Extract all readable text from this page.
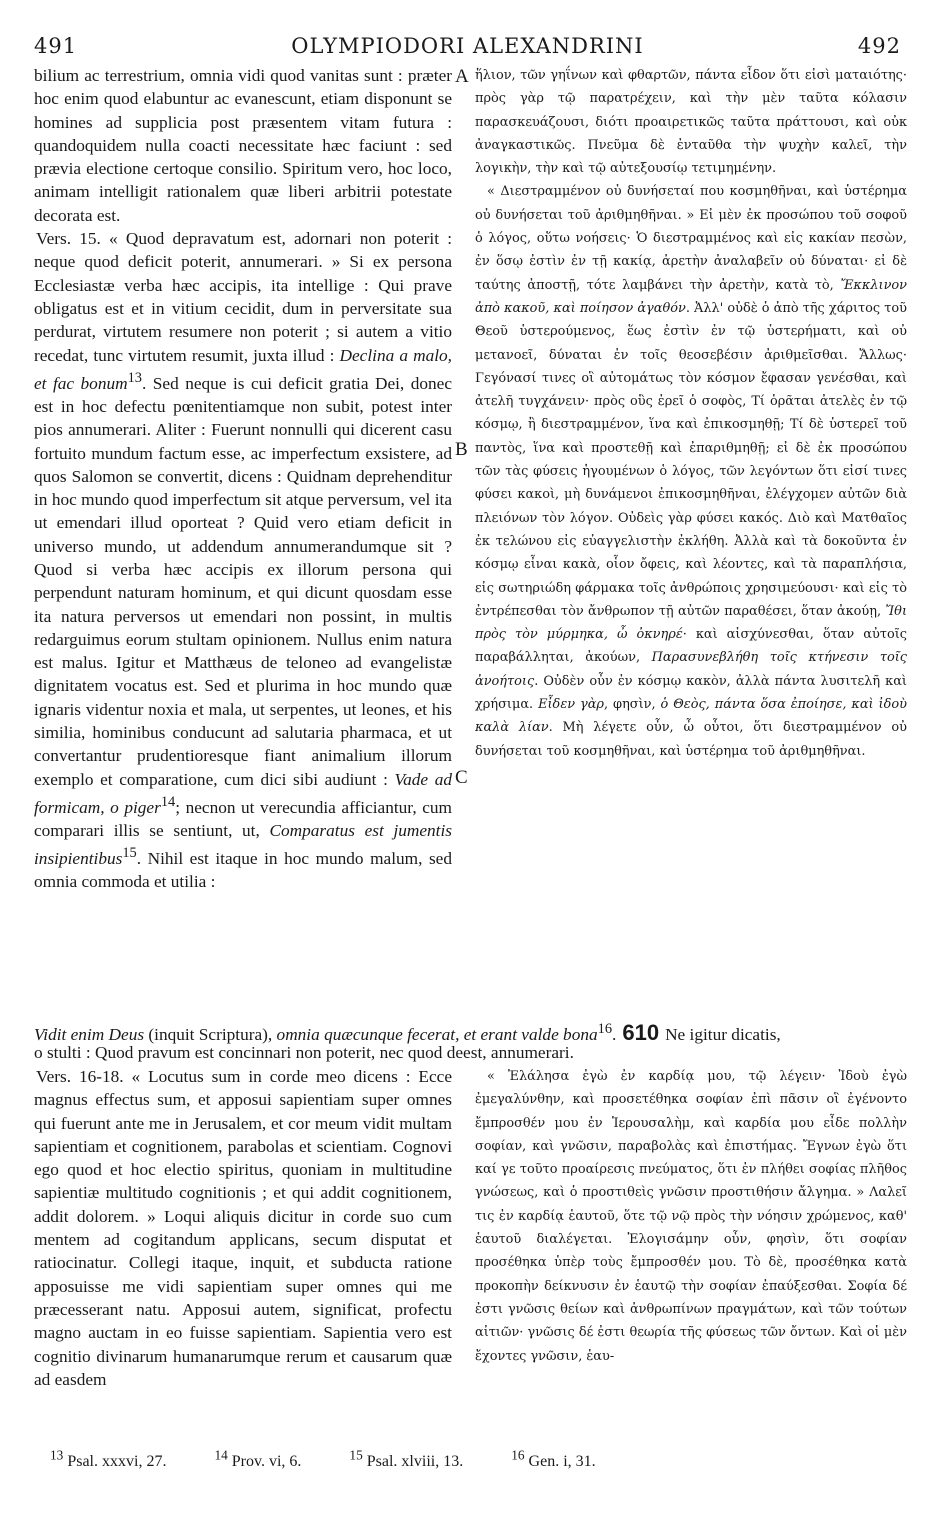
491	OLYMPIODORI ALEXANDRINI	492
A
B
C

bilium ac terrestrium, omnia vidi quod vanitas sunt : præter hoc enim quod elabuntur ac evanescunt, etiam disponunt se homines ad supplicia post præsentem vitam futura : quandoquidem nulla coacti necessitate hæc faciunt : sed prævia electione certoque consilio. Spiritum vero, hoc loco, animam intelligit rationalem quæ liberi arbitrii potestate decorata est.

Vers. 15. « Quod depravatum est, adornari non poterit : neque quod deficit poterit, annumerari. » Si ex persona Ecclesiastæ verba hæc accipis, ita intellige : Qui prave obligatus est et in vitium cecidit, dum in perversitate sua perdurat, virtutem resumere non poterit ; si autem a vitio recedat, tunc virtutem resumit, juxta illud : Declina a malo, et fac bonum$^{13}$. Sed neque is cui deficit gratia Dei, donec est in hoc defectu pœnitentiamque non subit, potest inter pios annumerari. Aliter : Fuerunt nonnulli qui dicerent casu fortuito mundum factum esse, ac imperfectum exsistere, ad quos Salomon se convertit, dicens : Quidnam deprehenditur in hoc mundo quod imperfectum sit atque perversum, vel ita ut emendari illud oporteat ? Quid vero etiam deficit in universo mundo, ut addendum annumerandumque sit ? Quod si verba hæc accipis ex illorum persona qui perpendunt naturam hominum, et qui dicunt quosdam esse ita natura perversos ut emendari non possint, in multis redarguimus eorum stultam opinionem. Nullus enim natura est malus. Igitur et Matthæus de teloneo ad evangelistæ dignitatem vocatus est. Sed et plurima in hoc mundo quæ ignaris videntur noxia et mala, ut serpentes, ut leones, et his similia, hominibus conducunt ad salutaria pharmaca, et ut convertantur prudentioresque fiant animalium illorum exemplo et comparatione, cum dici sibi audiunt : Vade ad formicam, o piger$^{14}$; necnon ut verecundia afficiantur, cum comparari illis se sentiunt, ut, Comparatus est jumentis insipientibus$^{15}$. Nihil est itaque in hoc mundo malum, sed omnia commoda et utilia :

ἥλιον, τῶν γηΐνων καὶ φθαρτῶν, πάντα εἶδον ὅτι εἰσὶ ματαιότης· πρὸς γὰρ τῷ παρατρέχειν, καὶ τὴν μὲν ταῦτα κόλασιν παρασκευάζουσι, διότι προαιρετικῶς ταῦτα πράττουσι, καὶ οὐκ ἀναγκαστικῶς. Πνεῦμα δὲ ἐνταῦθα τὴν ψυχὴν καλεῖ, τὴν λογικὴν, τὴν καὶ τῷ αὐτεξουσίῳ τετιμημένην.

« Διεστραμμένον οὐ δυνήσεταί που κοσμηθῆναι, καὶ ὑστέρημα οὐ δυνήσεται τοῦ ἀριθμηθῆναι. » Εἰ μὲν ἐκ προσώπου τοῦ σοφοῦ ὁ λόγος, οὕτω νοήσεις· Ὁ διεστραμμένος καὶ εἰς κακίαν πεσὼν, ἐν ὅσῳ ἐστὶν ἐν τῇ κακίᾳ, ἀρετὴν ἀναλαβεῖν οὐ δύναται· εἰ δὲ ταύτης ἀποστῇ, τότε λαμβάνει τὴν ἀρετὴν, κατὰ τὸ, Ἔκκλινον ἀπὸ κακοῦ, καὶ ποίησον ἀγαθόν. Ἀλλ' οὐδὲ ὁ ἀπὸ τῆς χάριτος τοῦ Θεοῦ ὑστερούμενος, ἕως ἐστὶν ἐν τῷ ὑστερήματι, καὶ οὐ μετανοεῖ, δύναται ἐν τοῖς θεοσεβέσιν ἀριθμεῖσθαι. Ἄλλως· Γεγόνασί τινες οἳ αὐτομάτως τὸν κόσμον ἔφασαν γενέσθαι, καὶ ἀτελῆ τυγχάνειν· πρὸς οὓς ἐρεῖ ὁ σοφὸς, Τί ὁρᾶται ἀτελὲς ἐν τῷ κόσμῳ, ἢ διεστραμμένον, ἵνα καὶ ἐπικοσμηθῇ; Τί δὲ ὑστερεῖ τοῦ παντὸς, ἵνα καὶ προστεθῇ καὶ ἐπαριθμηθῇ; εἰ δὲ ἐκ προσώπου τῶν τὰς φύσεις ἡγουμένων ὁ λόγος, τῶν λεγόντων ὅτι εἰσί τινες φύσει κακοὶ, μὴ δυνάμενοι ἐπικοσμηθῆναι, ἐλέγχομεν αὐτῶν διὰ πλειόνων τὸν λόγον. Οὐδεὶς γὰρ φύσει κακός. Διὸ καὶ Ματθαῖος ἐκ τελώνου εἰς εὐαγγελιστὴν ἐκλήθη. Ἀλλὰ καὶ τὰ δοκοῦντα ἐν κόσμῳ εἶναι κακὰ, οἷον ὄφεις, καὶ λέοντες, καὶ τὰ παραπλήσια, εἰς σωτηριώδη φάρμακα τοῖς ἀνθρώποις χρησιμεύουσι· καὶ εἰς τὸ ἐντρέπεσθαι τὸν ἄνθρωπον τῇ αὐτῶν παραθέσει, ὅταν ἀκούῃ, Ἴθι πρὸς τὸν μύρμηκα, ὦ ὀκνηρέ· καὶ αἰσχύνεσθαι, ὅταν αὐτοῖς παραβάλληται, ἀκούων, Παρασυνεβλήθη τοῖς κτήνεσιν τοῖς ἀνοήτοις. Οὐδὲν οὖν ἐν κόσμῳ κακὸν, ἀλλὰ πάντα λυσιτελῆ καὶ χρήσιμα. Εἶδεν γὰρ, φησὶν, ὁ Θεὸς, πάντα ὅσα ἐποίησε, καὶ ἰδοὺ καλὰ λίαν. Μὴ λέγετε οὖν, ὦ οὗτοι, ὅτι διεστραμμένον οὐ δυνήσεται τοῦ κοσμηθῆναι, καὶ ὑστέρημα τοῦ ἀριθμηθῆναι.

Vidit enim Deus (inquit Scriptura), omnia quæcunque fecerat, et erant valde bona$^{16}$. 610 Ne igitur dicatis,
o stulti : Quod pravum est concinnari non poterit, nec quod deest, annumerari.

Vers. 16-18. « Locutus sum in corde meo dicens : Ecce magnus effectus sum, et apposui sapientiam super omnes qui fuerunt ante me in Jerusalem, et cor meum vidit multam sapientiam et cognitionem, parabolas et scientiam. Cognovi ego quod et hoc electio spiritus, quoniam in multitudine sapientiæ multitudo cognitionis ; et qui addit cognitionem, addit dolorem. » Loqui aliquis dicitur in corde suo cum mentem ad cogitandum applicans, secum disputat et ratiocinatur. Collegi itaque, inquit, et subducta ratione apposuisse me vidi sapientiam super omnes qui me præcesserant natu. Apposui autem, significat, profectu magno auctam in eo fuisse sapientiam. Sapientia vero est cognitio divinarum humanarumque rerum et causarum quæ ad easdem

« Ἐλάλησα ἐγὼ ἐν καρδίᾳ μου, τῷ λέγειν· Ἰδοὺ ἐγὼ ἐμεγαλύνθην, καὶ προσετέθηκα σοφίαν ἐπὶ πᾶσιν οἳ ἐγένοντο ἔμπροσθέν μου ἐν Ἱερουσαλὴμ, καὶ καρδία μου εἶδε πολλὴν σοφίαν, καὶ γνῶσιν, παραβολὰς καὶ ἐπιστήμας. Ἔγνων ἐγὼ ὅτι καί γε τοῦτο προαίρεσις πνεύματος, ὅτι ἐν πλήθει σοφίας πλῆθος γνώσεως, καὶ ὁ προστιθεὶς γνῶσιν προστιθήσιν ἄλγημα. » Λαλεῖ τις ἐν καρδίᾳ ἑαυτοῦ, ὅτε τῷ νῷ πρὸς τὴν νόησιν χρώμενος, καθ' ἑαυτοῦ διαλέγεται. Ἐλογισάμην οὖν, φησὶν, ὅτι σοφίαν προσέθηκα ὑπὲρ τοὺς ἔμπροσθέν μου. Τὸ δὲ, προσέθηκα κατὰ προκοπὴν δείκνυσιν ἐν ἑαυτῷ τὴν σοφίαν ἐπαύξεσθαι. Σοφία δέ ἐστι γνῶσις θείων καὶ ἀνθρωπίνων πραγμάτων, καὶ τῶν τούτων αἰτιῶν· γνῶσις δέ ἐστι θεωρία τῆς φύσεως τῶν ὄντων. Καὶ οἱ μὲν ἔχοντες γνῶσιν, ἑαυ-

$^{13}$ Psal. xxxvi, 27.	$^{14}$ Prov. vi, 6.	$^{15}$ Psal. xlviii, 13.	$^{16}$ Gen. i, 31.
